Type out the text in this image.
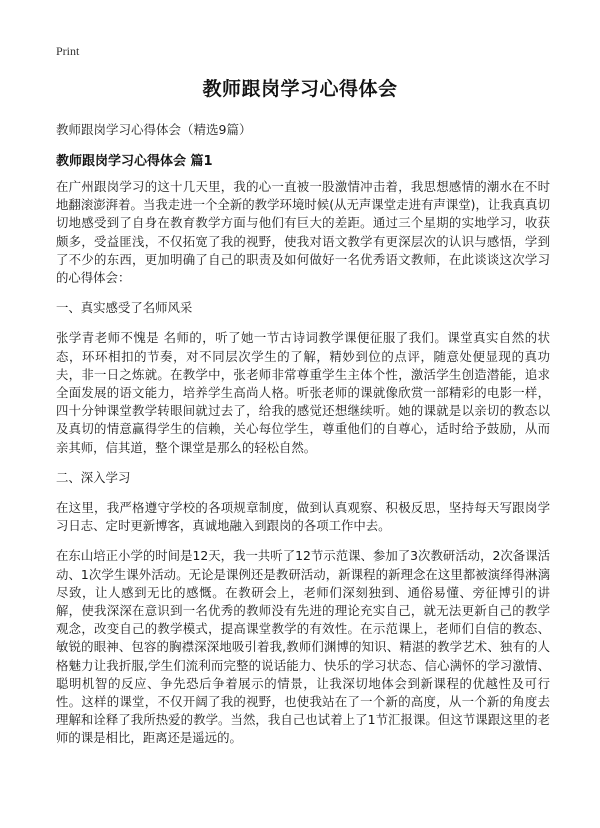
Print
教师跟岗学习心得体会
教师跟岗学习心得体会（精选9篇）
教师跟岗学习心得体会 篇1

在广州跟岗学习的这十几天里，我的心一直被一股激情冲击着，我思想感情的潮水在不时地翻滚澎湃着。当我走进一个全新的教学环境时候(从无声课堂走进有声课堂)，让我真真切切地感受到了自身在教育教学方面与他们有巨大的差距。通过三个星期的实地学习，收获颇多，受益匪浅，不仅拓宽了我的视野，使我对语文教学有更深层次的认识与感悟，学到了不少的东西，更加明确了自己的职责及如何做好一名优秀语文教师，在此谈谈这次学习的心得体会：

一、真实感受了名师风采

张学青老师不愧是 名师的，听了她一节古诗词教学课便征服了我们。课堂真实自然的状态，环环相扣的节奏，对不同层次学生的了解，精妙到位的点评，随意处便显现的真功夫，非一日之炼就。在教学中，张老师非常尊重学生主体个性，激活学生创造潜能，追求全面发展的语文能力，培养学生高尚人格。听张老师的课就像欣赏一部精彩的电影一样，四十分钟课堂教学转眼间就过去了，给我的感觉还想继续听。她的课就是以亲切的教态以及真切的情意赢得学生的信赖，关心每位学生，尊重他们的自尊心，适时给予鼓励，从而亲其师，信其道，整个课堂是那么的轻松自然。

二、深入学习

在这里，我严格遵守学校的各项规章制度，做到认真观察、积极反思，坚持每天写跟岗学习日志、定时更新博客，真诚地融入到跟岗的各项工作中去。

在东山培正小学的时间是12天，我一共听了12节示范课、参加了3次教研活动，2次备课活动、1次学生课外活动。无论是课例还是教研活动，新课程的新理念在这里都被演绎得淋漓尽致，让人感到无比的感慨。在教研会上，老师们深刻独到、通俗易懂、旁征博引的讲解，使我深深在意识到一名优秀的教师没有先进的理论充实自己，就无法更新自己的教学观念，改变自己的教学模式，提高课堂教学的有效性。在示范课上，老师们自信的教态、敏锐的眼神、包容的胸襟深深地吸引着我,教师们渊博的知识、精湛的教学艺术、独有的人格魅力让我折服,学生们流利而完整的说话能力、快乐的学习状态、信心满怀的学习激情、聪明机智的反应、争先恐后争着展示的情景，让我深切地体会到新课程的优越性及可行性。这样的课堂，不仅开阔了我的视野，也使我站在了一个新的高度，从一个新的角度去理解和诠释了我所热爱的教学。当然，我自己也试着上了1节汇报课。但这节课跟这里的老师的课是相比，距离还是遥远的。
